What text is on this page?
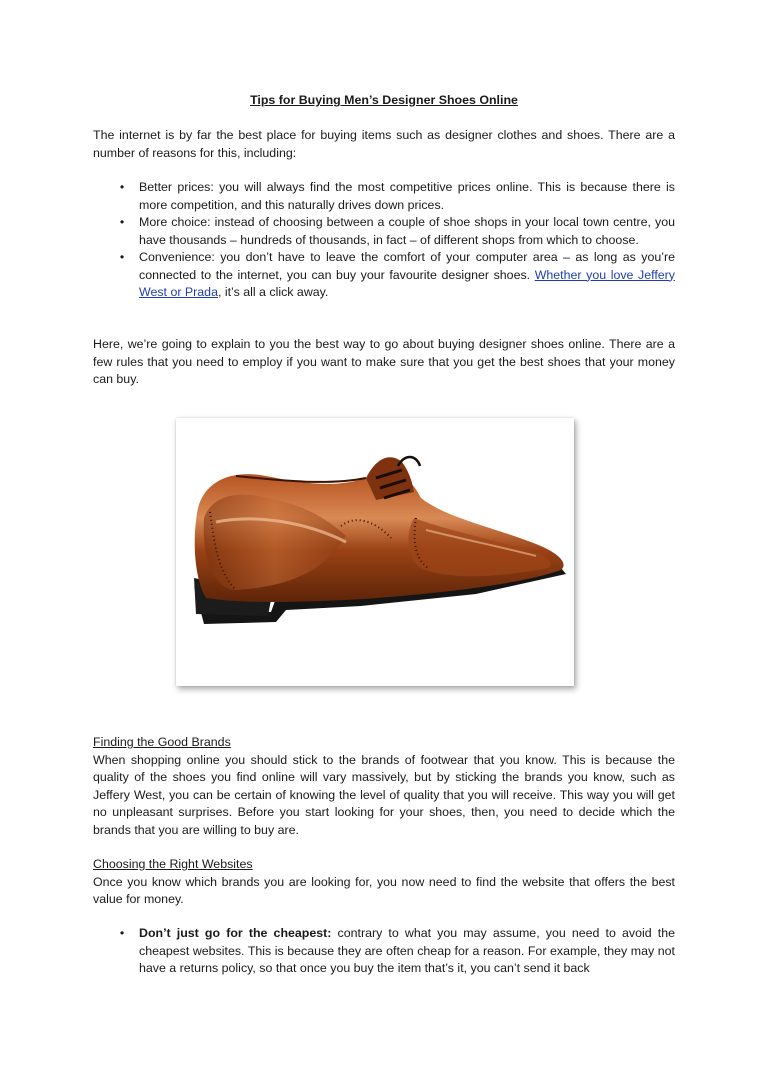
Tips for Buying Men’s Designer Shoes Online

The internet is by far the best place for buying items such as designer clothes and shoes. There are a number of reasons for this, including:

• Better prices: you will always find the most competitive prices online. This is because there is more competition, and this naturally drives down prices.
• More choice: instead of choosing between a couple of shoe shops in your local town centre, you have thousands – hundreds of thousands, in fact – of different shops from which to choose.
• Convenience: you don’t have to leave the comfort of your computer area – as long as you’re connected to the internet, you can buy your favourite designer shoes. Whether you love Jeffery West or Prada, it’s all a click away.

Here, we’re going to explain to you the best way to go about buying designer shoes online. There are a few rules that you need to employ if you want to make sure that you get the best shoes that your money can buy.

Finding the Good Brands

When shopping online you should stick to the brands of footwear that you know. This is because the quality of the shoes you find online will vary massively, but by sticking the brands you know, such as Jeffery West, you can be certain of knowing the level of quality that you will receive. This way you will get no unpleasant surprises. Before you start looking for your shoes, then, you need to decide which the brands that you are willing to buy are.

Choosing the Right Websites

Once you know which brands you are looking for, you now need to find the website that offers the best value for money.

• Don’t just go for the cheapest: contrary to what you may assume, you need to avoid the cheapest websites. This is because they are often cheap for a reason. For example, they may not have a returns policy, so that once you buy the item that’s it, you can’t send it back
